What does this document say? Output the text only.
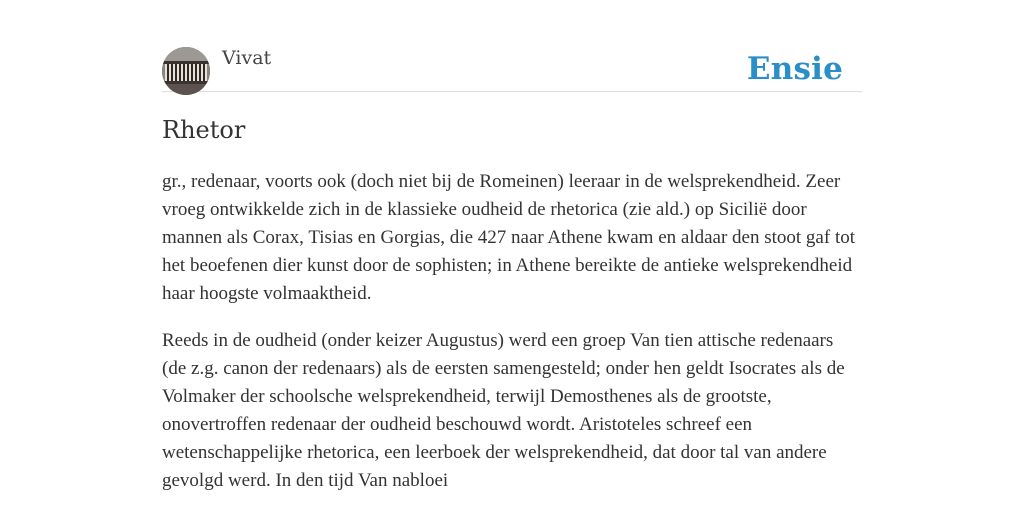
Vivat	Ensie
Rhetor

gr., redenaar, voorts ook (doch niet bij de Romeinen) leeraar in de welsprekendheid. Zeer vroeg ontwikkelde zich in de klassieke oudheid de rhetorica (zie ald.) op Sicilië door mannen als Corax, Tisias en Gorgias, die 427 naar Athene kwam en aldaar den stoot gaf tot het beoefenen dier kunst door de sophisten; in Athene bereikte de antieke welsprekendheid haar hoogste volmaaktheid.

Reeds in de oudheid (onder keizer Augustus) werd een groep Van tien attische redenaars (de z.g. canon der redenaars) als de eersten samengesteld; onder hen geldt Isocrates als de Volmaker der schoolsche welsprekendheid, terwijl Demosthenes als de grootste, onovertroffen redenaar der oudheid beschouwd wordt. Aristoteles schreef een wetenschappelijke rhetorica, een leerboek der welsprekendheid, dat door tal van andere gevolgd werd. In den tijd Van nabloei
